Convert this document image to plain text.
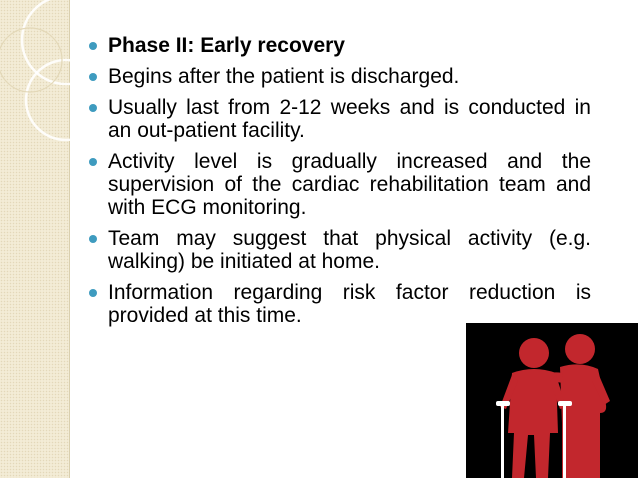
Phase II: Early recovery
Begins after the patient is discharged.
Usually last from 2-12 weeks and is conducted in an out-patient facility.
Activity level is gradually increased and the supervision of the cardiac rehabilitation team and with ECG monitoring.
Team may suggest that physical activity (e.g. walking) be initiated at home.
Information regarding risk factor reduction is provided at this time.
